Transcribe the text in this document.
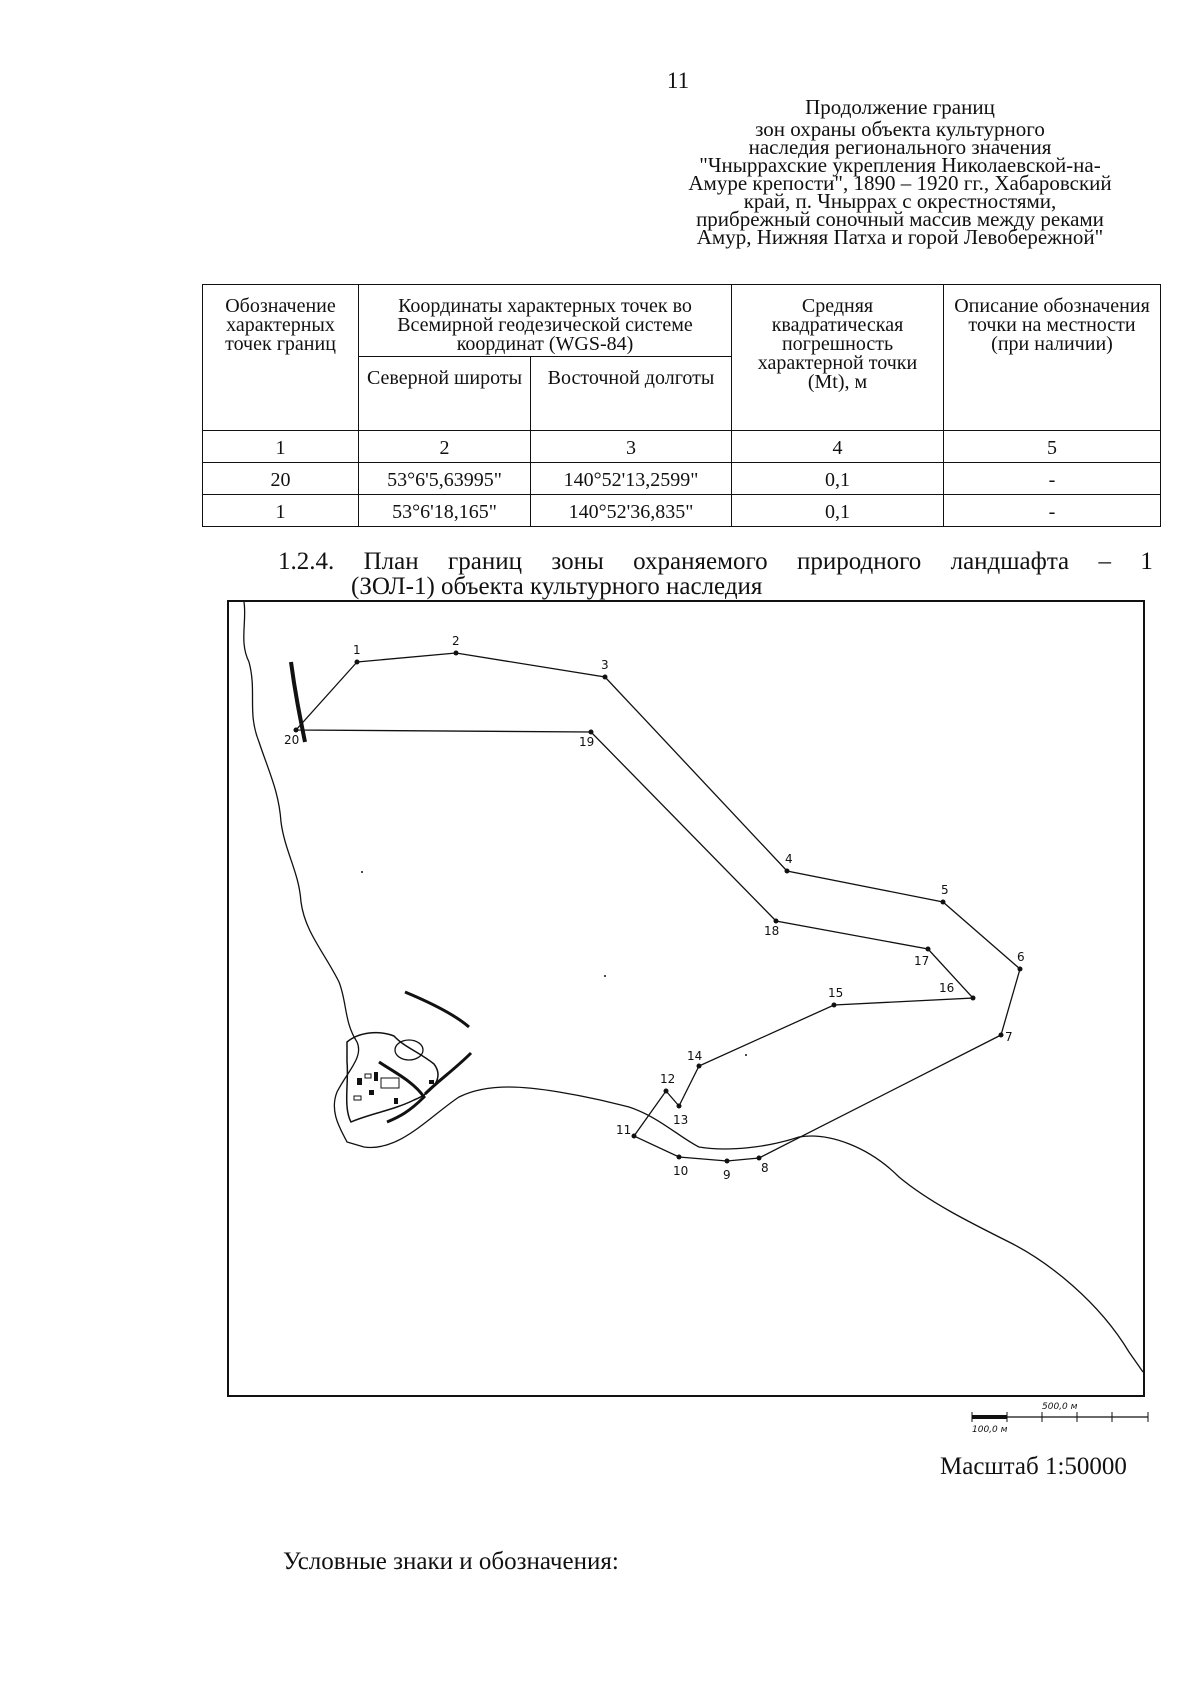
11
Продолжение границ
зон охраны объекта культурного
наследия регионального значения
"Чныррахские укрепления Николаевской-на-
Амуре крепости", 1890 – 1920 гг., Хабаровский
край, п. Чныррах с окрестностями,
прибрежный соночный массив между реками
Амур, Нижняя Патха и горой Левобережной"
Обозначение характерных точек границ	Координаты характерных точек во Всемирной геодезической системе координат (WGS-84)		Средняя квадратическая погрешность характерной точки (Mt), м	Описание обозначения точки на местности (при наличии)
	Северной широты	Восточной долготы		
1	2	3	4	5
20	53°6'5,63995"	140°52'13,2599"	0,1	-
1	53°6'18,165"	140°52'36,835"	0,1	-
1.2.4. План границ зоны охраняемого природного ландшафта – 1
(ЗОЛ-1) объекта культурного наследия
1
2
3
4
5
6
7
8
9
10
11
12
13
14
15	16
17
18
19
20
500,0 м
100,0 м
Масштаб 1:50000
Условные знаки и обозначения:
